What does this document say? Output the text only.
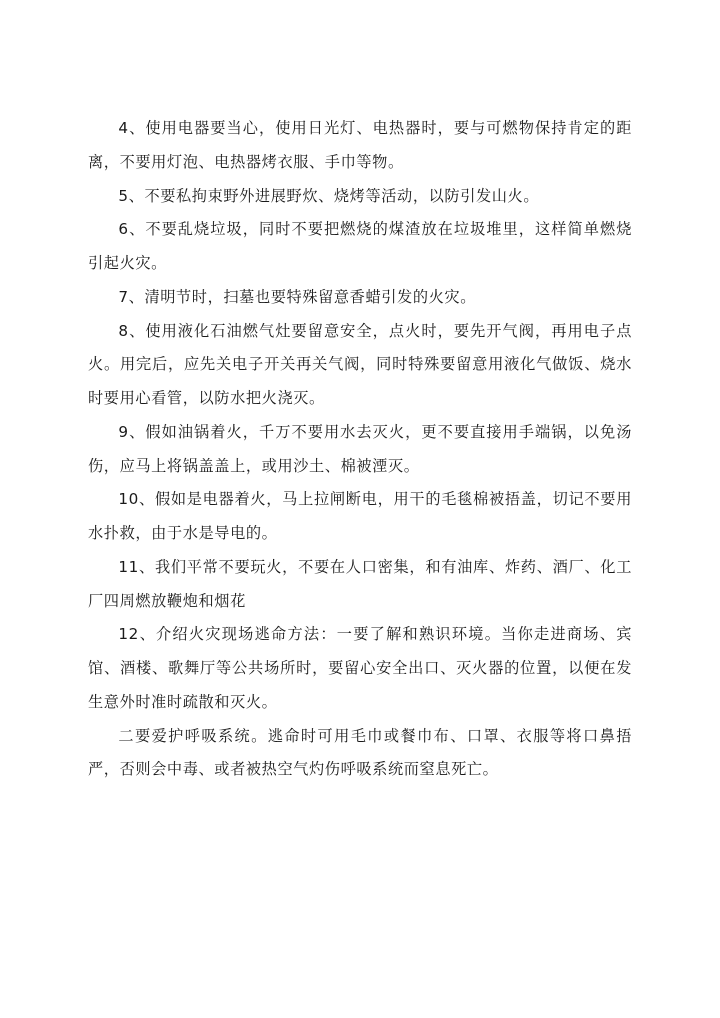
4、使用电器要当心，使用日光灯、电热器时，要与可燃物保持肯定的距离，不要用灯泡、电热器烤衣服、手巾等物。

5、不要私拘束野外进展野炊、烧烤等活动，以防引发山火。

6、不要乱烧垃圾，同时不要把燃烧的煤渣放在垃圾堆里，这样简单燃烧引起火灾。

7、清明节时，扫墓也要特殊留意香蜡引发的火灾。

8、使用液化石油燃气灶要留意安全，点火时，要先开气阀，再用电子点火。用完后，应先关电子开关再关气阀，同时特殊要留意用液化气做饭、烧水时要用心看管，以防水把火浇灭。

9、假如油锅着火，千万不要用水去灭火，更不要直接用手端锅，以免汤伤，应马上将锅盖盖上，或用沙土、棉被湮灭。

10、假如是电器着火，马上拉闸断电，用干的毛毯棉被捂盖，切记不要用水扑救，由于水是导电的。

11、我们平常不要玩火，不要在人口密集，和有油库、炸药、酒厂、化工厂四周燃放鞭炮和烟花

12、介绍火灾现场逃命方法：一要了解和熟识环境。当你走进商场、宾馆、酒楼、歌舞厅等公共场所时，要留心安全出口、灭火器的位置，以便在发生意外时准时疏散和灭火。

二要爱护呼吸系统。逃命时可用毛巾或餐巾布、口罩、衣服等将口鼻捂严，否则会中毒、或者被热空气灼伤呼吸系统而窒息死亡。
